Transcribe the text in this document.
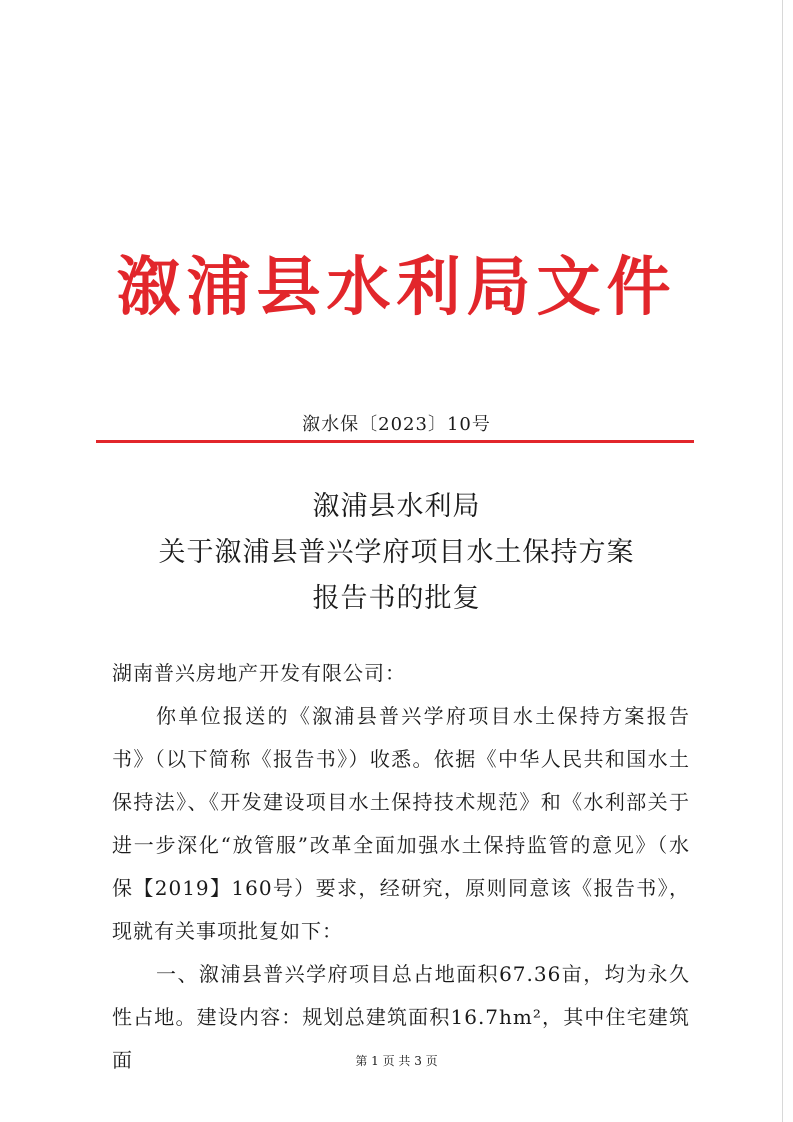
溆浦县水利局文件
溆水保〔2023〕10号
溆浦县水利局
关于溆浦县普兴学府项目水土保持方案
报告书的批复

湖南普兴房地产开发有限公司：

你单位报送的《溆浦县普兴学府项目水土保持方案报告书》（以下简称《报告书》）收悉。依据《中华人民共和国水土保持法》、《开发建设项目水土保持技术规范》和《水利部关于进一步深化“放管服”改革全面加强水土保持监管的意见》（水保【2019】160号）要求，经研究，原则同意该《报告书》，现就有关事项批复如下：

一、溆浦县普兴学府项目总占地面积67.36亩，均为永久性占地。建设内容：规划总建筑面积16.7hm²，其中住宅建筑面	第 1 页 共 3 页
